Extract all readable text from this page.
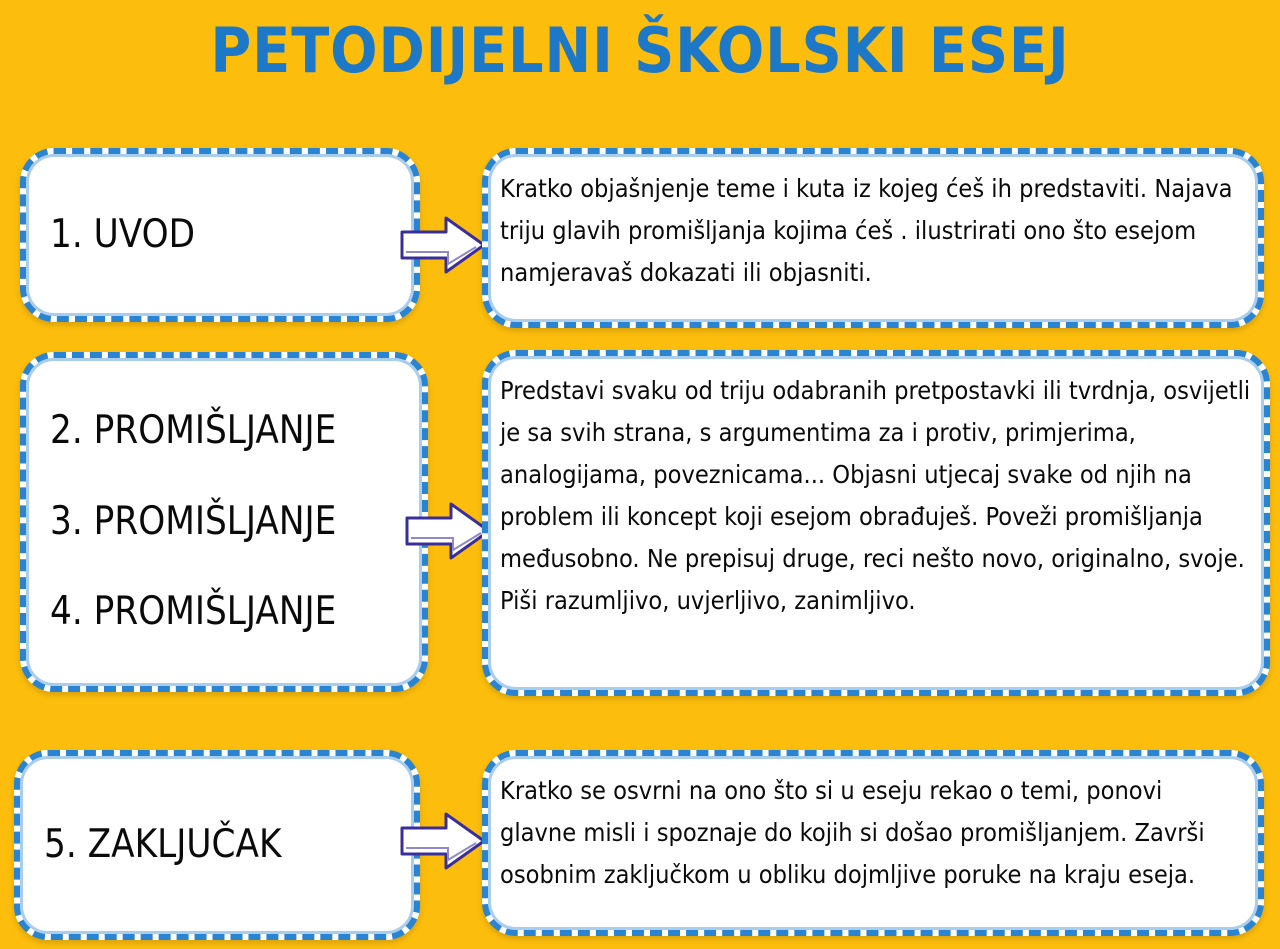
PETODIJELNI ŠKOLSKI ESEJ
1. UVOD

Kratko objašnjenje teme i kuta iz kojeg ćeš ih predstaviti. Najava triju glavih promišljanja kojima ćeš . ilustrirati ono što esejom namjeravaš dokazati ili objasniti.

2. PROMIŠLJANJE
3. PROMIŠLJANJE
4. PROMIŠLJANJE

Predstavi svaku od triju odabranih pretpostavki ili tvrdnja, osvijetli je sa svih strana, s argumentima za i protiv, primjerima, analogijama, poveznicama... Objasni utjecaj svake od njih na problem ili koncept koji esejom obrađuješ. Poveži promišljanja međusobno. Ne prepisuj druge, reci nešto novo, originalno, svoje. Piši razumljivo, uvjerljivo, zanimljivo.

5. ZAKLJUČAK

Kratko se osvrni na ono što si u eseju rekao o temi, ponovi glavne misli i spoznaje do kojih si došao promišljanjem. Završi osobnim zaključkom u obliku dojmljive poruke na kraju eseja.
